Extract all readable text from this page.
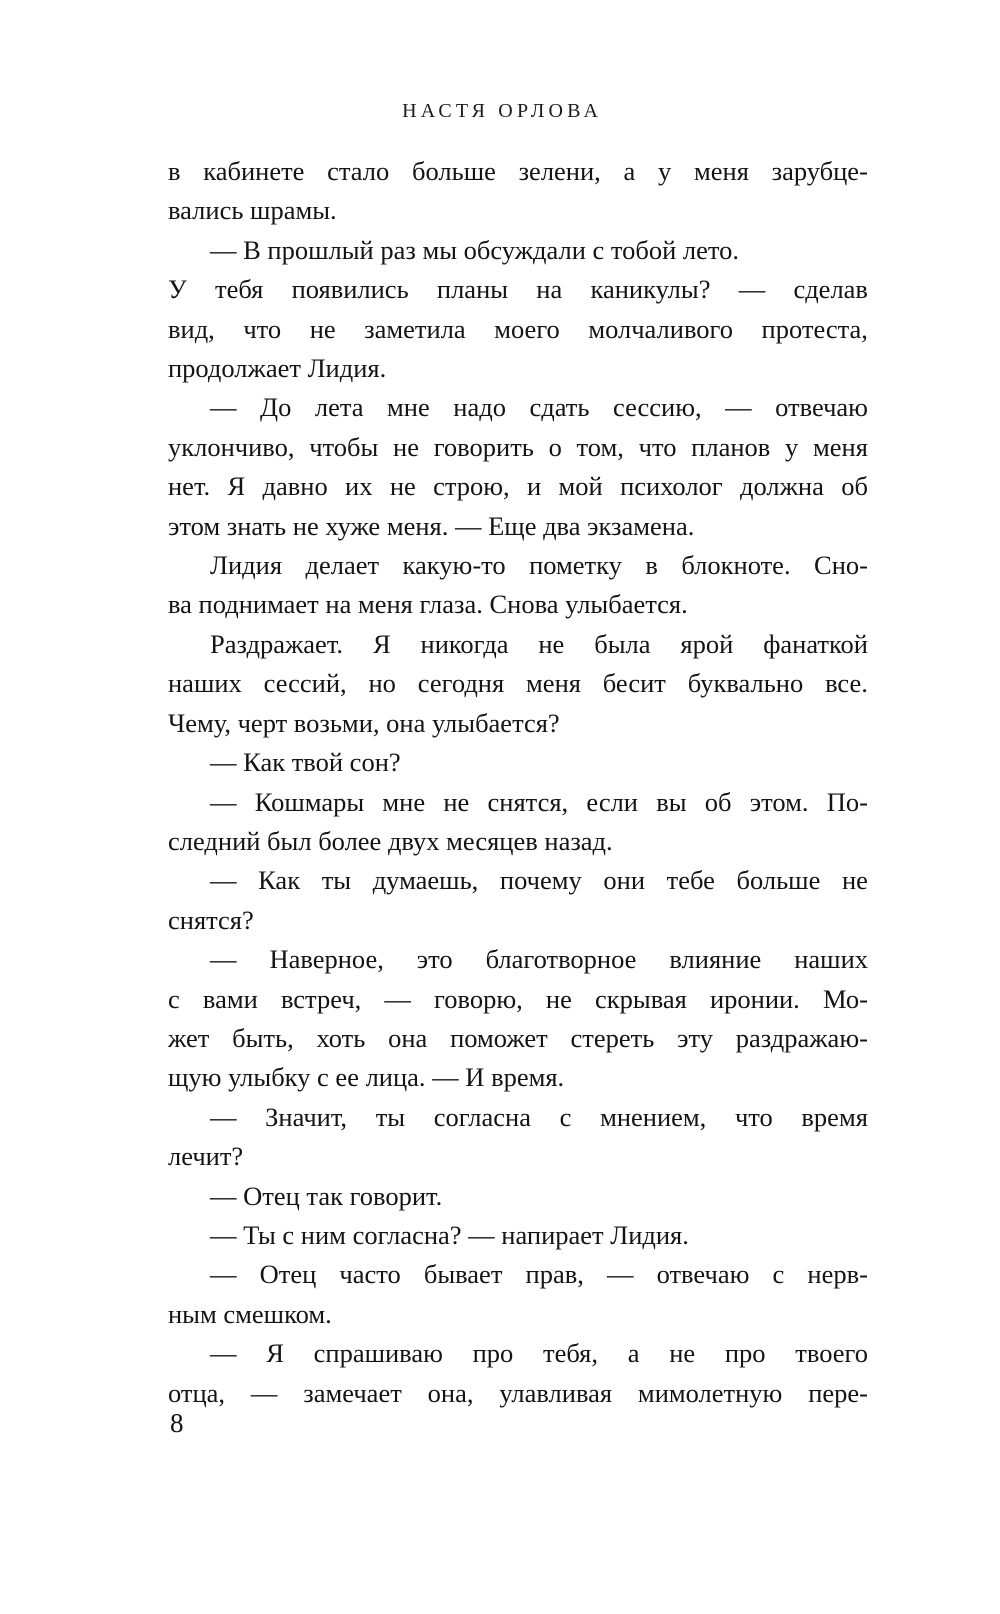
НАСТЯ ОРЛОВА
в кабинете стало больше зелени, а у меня зарубце-
вались шрамы.
— В прошлый раз мы обсуждали с тобой лето.
У тебя появились планы на каникулы? — сделав
вид, что не заметила моего молчаливого протеста,
продолжает Лидия.
— До лета мне надо сдать сессию, — отвечаю
уклончиво, чтобы не говорить о том, что планов у меня
нет. Я давно их не строю, и мой психолог должна об
этом знать не хуже меня. — Еще два экзамена.
Лидия делает какую-то пометку в блокноте. Сно-
ва поднимает на меня глаза. Снова улыбается.
Раздражает. Я никогда не была ярой фанаткой
наших сессий, но сегодня меня бесит буквально все.
Чему, черт возьми, она улыбается?
— Как твой сон?
— Кошмары мне не снятся, если вы об этом. По-
следний был более двух месяцев назад.
— Как ты думаешь, почему они тебе больше не
снятся?
— Наверное, это благотворное влияние наших
с вами встреч, — говорю, не скрывая иронии. Мо-
жет быть, хоть она поможет стереть эту раздражаю-
щую улыбку с ее лица. — И время.
— Значит, ты согласна с мнением, что время
лечит?
— Отец так говорит.
— Ты с ним согласна? — напирает Лидия.
— Отец часто бывает прав, — отвечаю с нерв-
ным смешком.
— Я спрашиваю про тебя, а не про твоего
отца, — замечает она, улавливая мимолетную пере-
8
